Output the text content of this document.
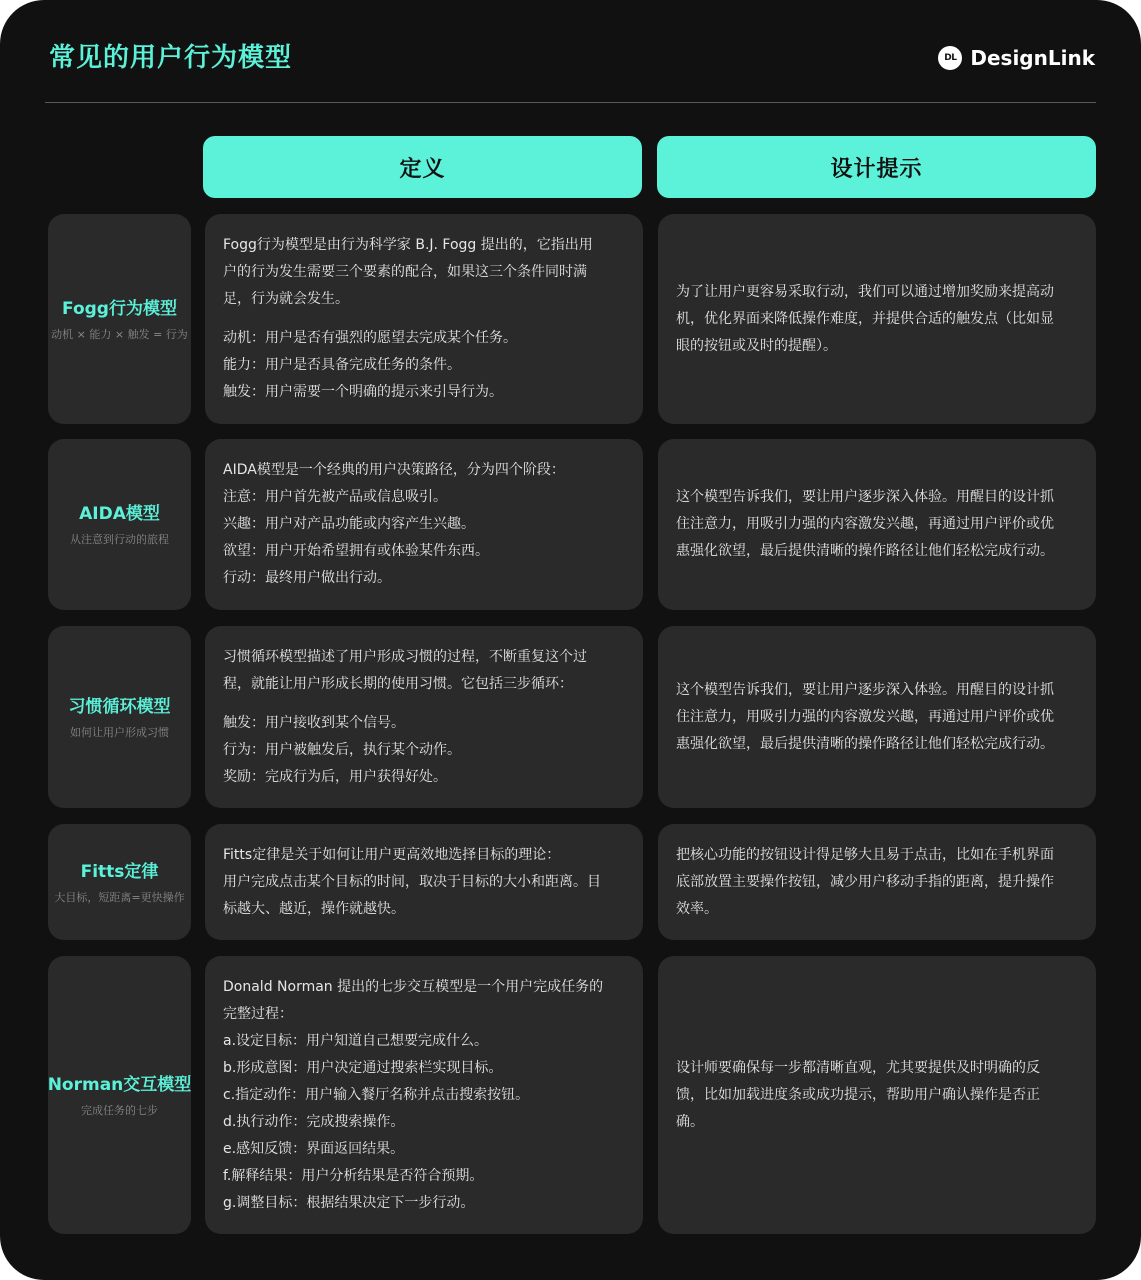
常见的用户行为模型	DL DesignLink
定义	设计提示
Fogg行为模型
动机 × 能力 × 触发 = 行为
Fogg行为模型是由行为科学家 B.J. Fogg 提出的，它指出用
户的行为发生需要三个要素的配合，如果这三个条件同时满
足，行为就会发生。
动机：用户是否有强烈的愿望去完成某个任务。
能力：用户是否具备完成任务的条件。
触发：用户需要一个明确的提示来引导行为。
为了让用户更容易采取行动，我们可以通过增加奖励来提高动
机，优化界面来降低操作难度，并提供合适的触发点（比如显
眼的按钮或及时的提醒）。
AIDA模型
从注意到行动的旅程
AIDA模型是一个经典的用户决策路径，分为四个阶段：
注意：用户首先被产品或信息吸引。
兴趣：用户对产品功能或内容产生兴趣。
欲望：用户开始希望拥有或体验某件东西。
行动：最终用户做出行动。
这个模型告诉我们，要让用户逐步深入体验。用醒目的设计抓
住注意力，用吸引力强的内容激发兴趣，再通过用户评价或优
惠强化欲望，最后提供清晰的操作路径让他们轻松完成行动。
习惯循环模型
如何让用户形成习惯
习惯循环模型描述了用户形成习惯的过程，不断重复这个过
程，就能让用户形成长期的使用习惯。它包括三步循环：
触发：用户接收到某个信号。
行为：用户被触发后，执行某个动作。
奖励：完成行为后，用户获得好处。
这个模型告诉我们，要让用户逐步深入体验。用醒目的设计抓
住注意力，用吸引力强的内容激发兴趣，再通过用户评价或优
惠强化欲望，最后提供清晰的操作路径让他们轻松完成行动。
Fitts定律
大目标，短距离=更快操作
Fitts定律是关于如何让用户更高效地选择目标的理论：
用户完成点击某个目标的时间，取决于目标的大小和距离。目
标越大、越近，操作就越快。
把核心功能的按钮设计得足够大且易于点击，比如在手机界面
底部放置主要操作按钮，减少用户移动手指的距离，提升操作
效率。
Norman交互模型
完成任务的七步
Donald Norman 提出的七步交互模型是一个用户完成任务的
完整过程：
a.设定目标：用户知道自己想要完成什么。
b.形成意图：用户决定通过搜索栏实现目标。
c.指定动作：用户输入餐厅名称并点击搜索按钮。
d.执行动作：完成搜索操作。
e.感知反馈：界面返回结果。
f.解释结果：用户分析结果是否符合预期。
g.调整目标：根据结果决定下一步行动。
设计师要确保每一步都清晰直观，尤其要提供及时明确的反
馈，比如加载进度条或成功提示，帮助用户确认操作是否正
确。
